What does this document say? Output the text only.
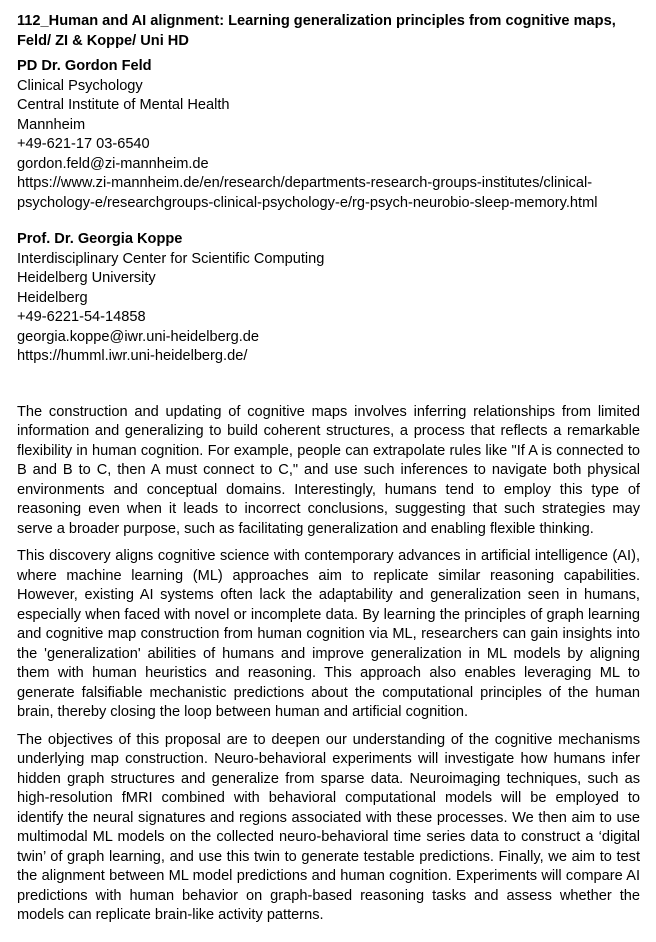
112_Human and AI alignment: Learning generalization principles from cognitive maps,
Feld/ ZI & Koppe/ Uni HD
PD Dr. Gordon Feld
Clinical Psychology
Central Institute of Mental Health
Mannheim
+49-621-17 03-6540
gordon.feld@zi-mannheim.de
https://www.zi-mannheim.de/en/research/departments-research-groups-institutes/clinical-
psychology-e/researchgroups-clinical-psychology-e/rg-psych-neurobio-sleep-memory.html
Prof. Dr. Georgia Koppe
Interdisciplinary Center for Scientific Computing
Heidelberg University
Heidelberg
+49-6221-54-14858
georgia.koppe@iwr.uni-heidelberg.de
https://humml.iwr.uni-heidelberg.de/

The construction and updating of cognitive maps involves inferring relationships from limited information and generalizing to build coherent structures, a process that reflects a remarkable flexibility in human cognition. For example, people can extrapolate rules like "If A is connected to B and B to C, then A must connect to C," and use such inferences to navigate both physical environments and conceptual domains. Interestingly, humans tend to employ this type of reasoning even when it leads to incorrect conclusions, suggesting that such strategies may serve a broader purpose, such as facilitating generalization and enabling flexible thinking.

This discovery aligns cognitive science with contemporary advances in artificial intelligence (AI), where machine learning (ML) approaches aim to replicate similar reasoning capabilities. However, existing AI systems often lack the adaptability and generalization seen in humans, especially when faced with novel or incomplete data. By learning the principles of graph learning and cognitive map construction from human cognition via ML, researchers can gain insights into the 'generalization' abilities of humans and improve generalization in ML models by aligning them with human heuristics and reasoning. This approach also enables leveraging ML to generate falsifiable mechanistic predictions about the computational principles of the human brain, thereby closing the loop between human and artificial cognition.

The objectives of this proposal are to deepen our understanding of the cognitive mechanisms underlying map construction. Neuro-behavioral experiments will investigate how humans infer hidden graph structures and generalize from sparse data. Neuroimaging techniques, such as high-resolution fMRI combined with behavioral computational models will be employed to identify the neural signatures and regions associated with these processes. We then aim to use multimodal ML models on the collected neuro-behavioral time series data to construct a ‘digital twin’ of graph learning, and use this twin to generate testable predictions. Finally, we aim to test the alignment between ML model predictions and human cognition. Experiments will compare AI predictions with human behavior on graph-based reasoning tasks and assess whether the models can replicate brain-like activity patterns.
